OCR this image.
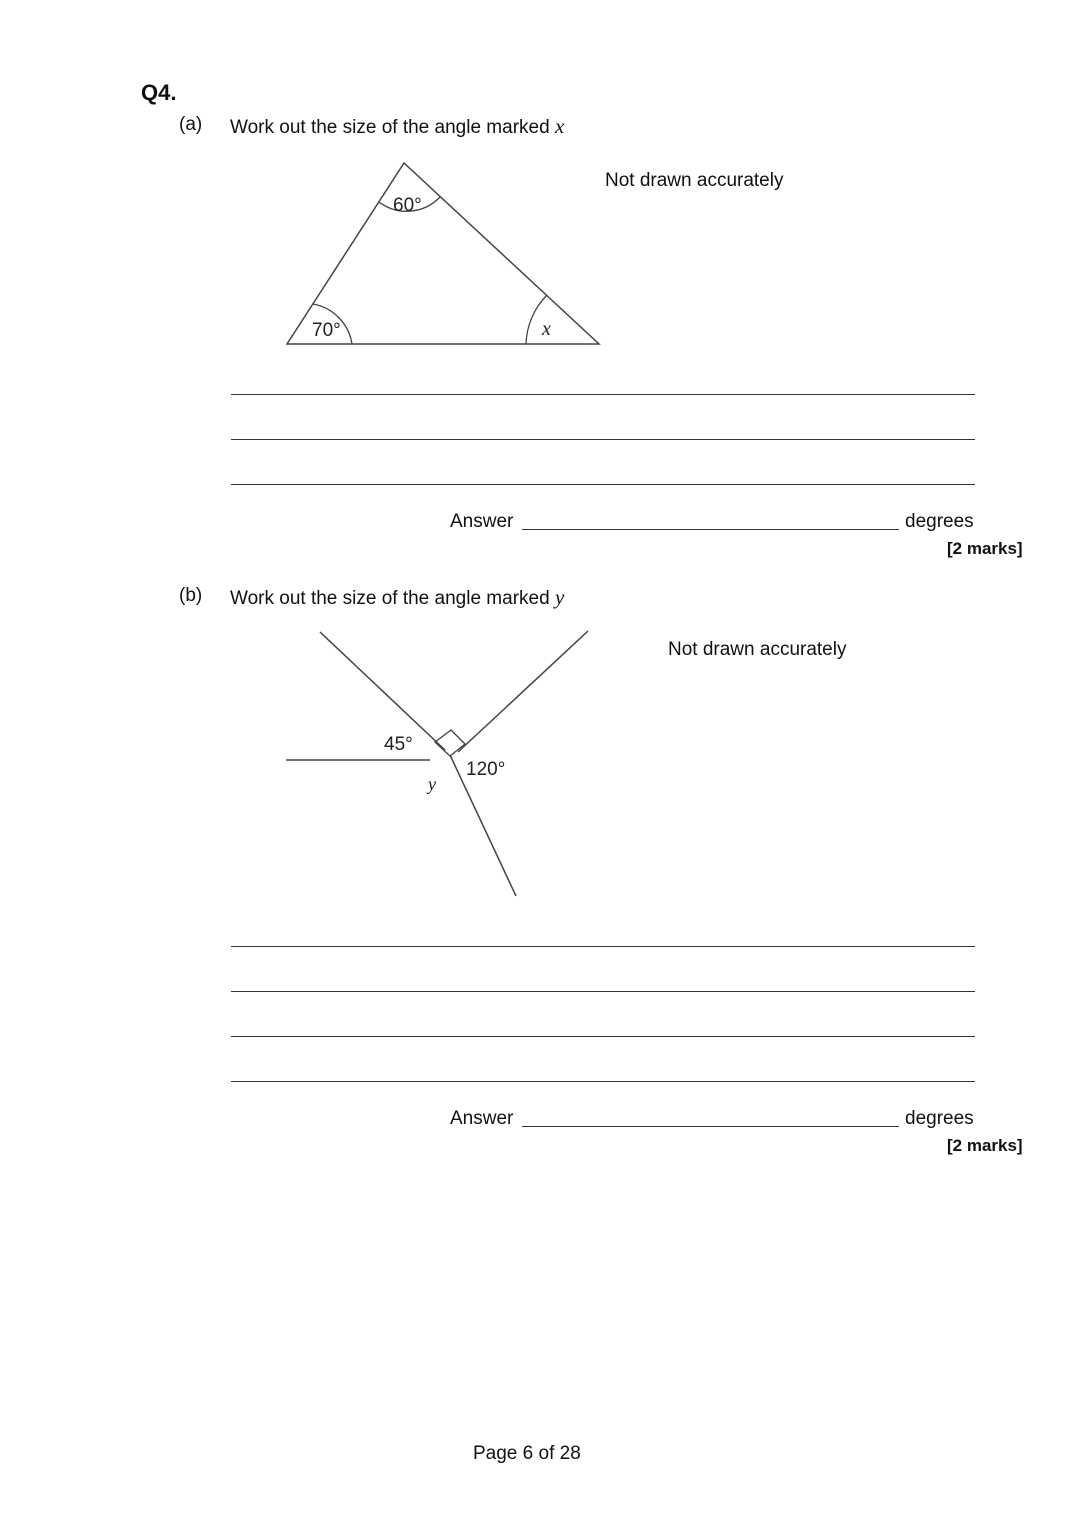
Q4.
(a) Work out the size of the angle marked x
Not drawn accurately
60°
70°	x
Answer	degrees
[2 marks]
(b) Work out the size of the angle marked y
Not drawn accurately
45°
120°
y
Answer	degrees
[2 marks]
Page 6 of 28
